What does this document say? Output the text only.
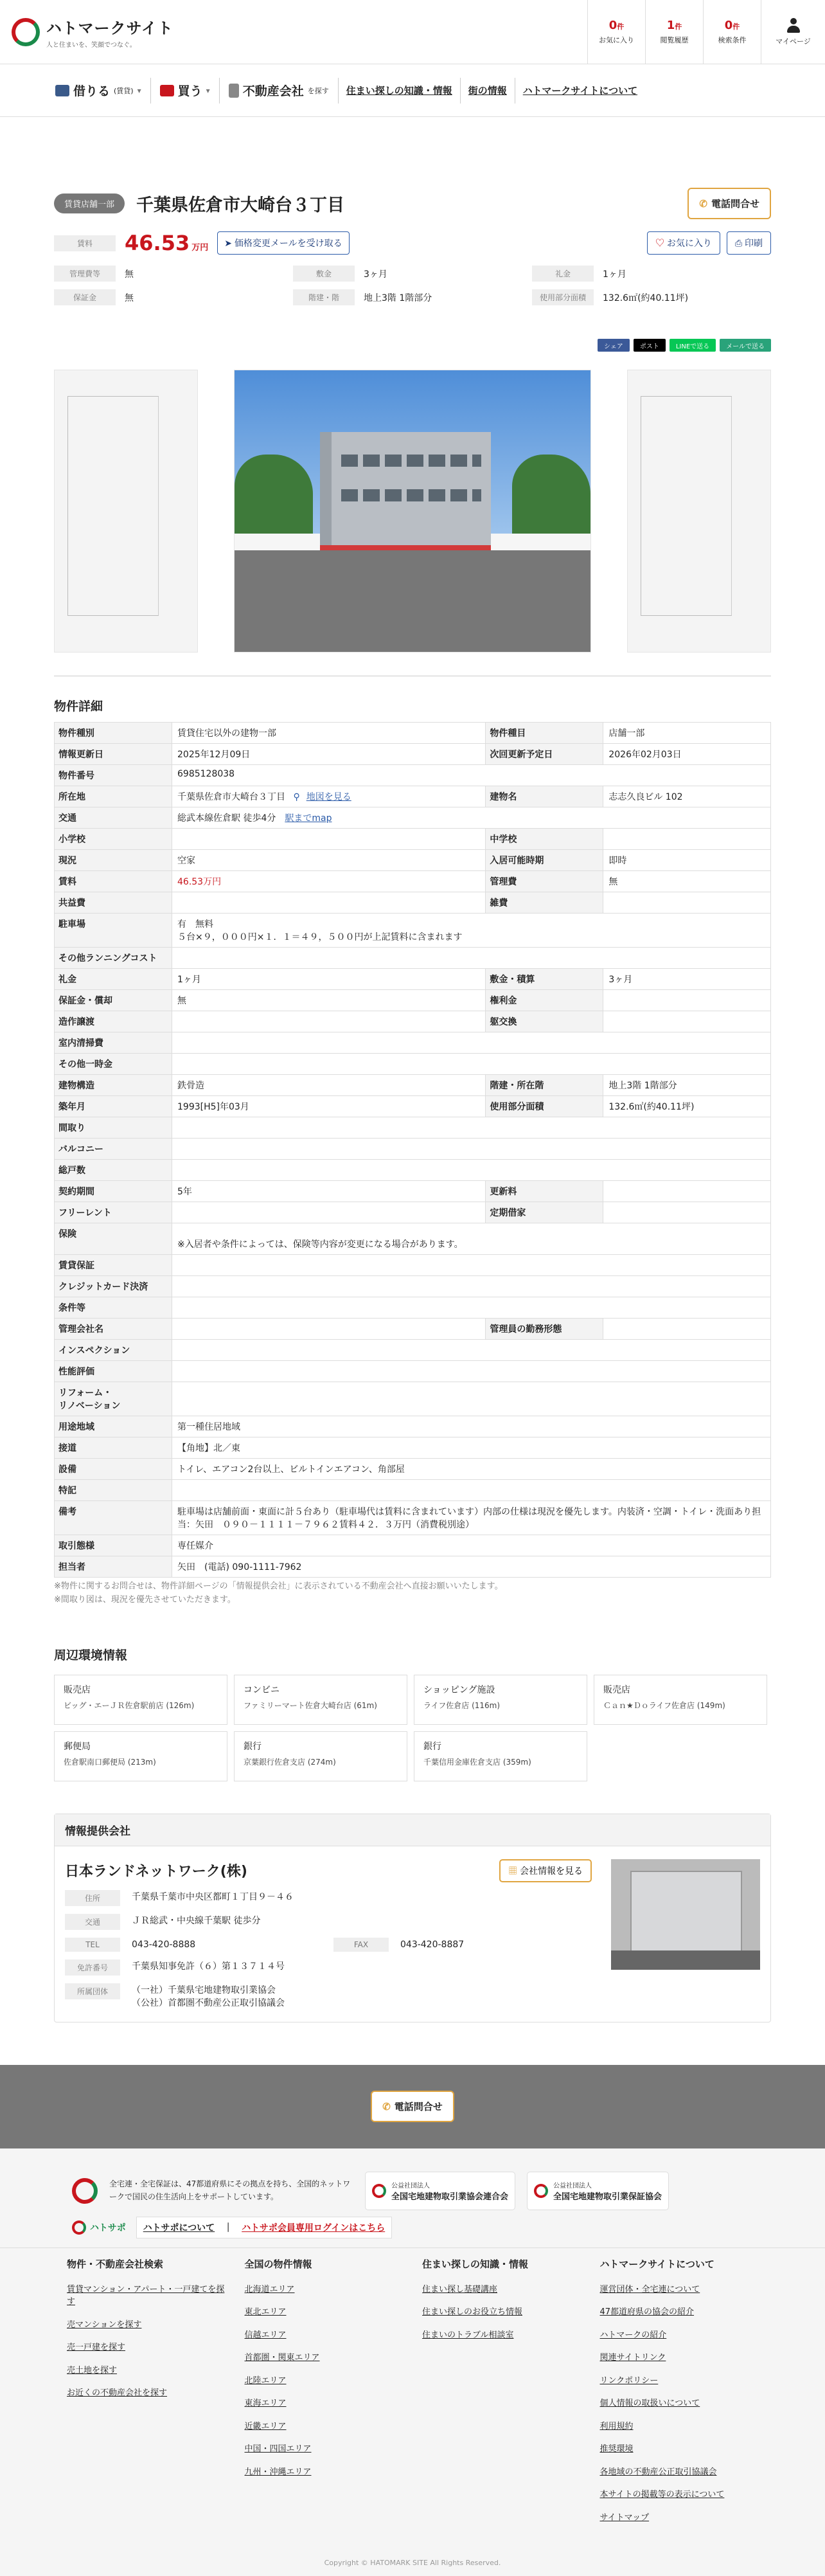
ハトマークサイト
人と住まいを、笑顔でつなぐ。
0件
お気に入り
1件
閲覧履歴
0件
検索条件	マイページ
借りる (賃貸) ▾	買う ▾	不動産会社 を探す	住まい探しの知識・情報	街の情報	ハトマークサイトについて
賃貸店舗一部	千葉県佐倉市大崎台３丁目	✆ 電話問合せ
賃料	46.53 万円	➤ 価格変更メールを受け取る	♡ お気に入り	⎙ 印刷
管理費等	無	敷金	3ヶ月	礼金	1ヶ月
保証金	無	階建・階	地上3階 1階部分	使用部分面積	132.6㎡(約40.11坪)
シェア	ポスト	LINEで送る	メールで送る
物件詳細
物件種別	賃貸住宅以外の建物一部	物件種目	店舗一部
情報更新日	2025年12月09日	次回更新予定日	2026年02月03日
物件番号	6985128038		
所在地	千葉県佐倉市大崎台３丁目 ⚲ 地図を見る	建物名	志志久良ビル 102
交通	総武本線佐倉駅 徒歩4分 駅までmap		
小学校		中学校	
現況	空家	入居可能時期	即時
賃料	46.53万円	管理費	無
共益費		雑費	
駐車場	有　無料
５台×９，０００円×１．１＝４９，５００円が上記賃料に含まれます		
その他ランニングコスト			
礼金	1ヶ月	敷金・積算	3ヶ月
保証金・償却	無	権利金	
造作譲渡		躯交換	
室内清掃費			
その他一時金			
建物構造	鉄骨造	階建・所在階	地上3階 1階部分
築年月	1993[H5]年03月	使用部分面積	132.6㎡(約40.11坪)
間取り			
バルコニー			
総戸数			
契約期間	5年	更新料	
フリーレント		定期借家	
保険	
※入居者や条件によっては、保険等内容が変更になる場合があります。		
賃貸保証			
クレジットカード決済			
条件等			
管理会社名		管理員の勤務形態	
インスペクション			
性能評価			
リフォーム・
リノベーション			
用途地域	第一種住居地域		
接道	【角地】北／東		
設備	トイレ、エアコン2台以上、ビルトインエアコン、角部屋		
特記			
備考	駐車場は店舗前面・東面に計５台あり（駐車場代は賃料に含まれています）内部の仕様は現況を優先します。内装済・空調・トイレ・洗面あり担当：矢田　０９０－１１１１－７９６２賃料４２．３万円（消費税別途）		
取引態様	専任媒介		
担当者	矢田　(電話) 090-1111-7962		

※物件に関するお問合せは、物件詳細ページの「情報提供会社」に表示されている不動産会社へ直接お願いいたします。

※間取り図は、現況を優先させていただきます。

周辺環境情報
販売店
ビッグ・エーＪＲ佐倉駅前店 (126m)
コンビニ
ファミリーマート佐倉大崎台店 (61m)
ショッピング施設
ライフ佐倉店 (116m)
販売店
Ｃａｎ★Ｄｏライフ佐倉店 (149m)
郵便局
佐倉駅南口郵便局 (213m)
銀行
京葉銀行佐倉支店 (274m)
銀行
千葉信用金庫佐倉支店 (359m)
情報提供会社
日本ランドネットワーク(株)	▦ 会社情報を見る
住所	千葉県千葉市中央区都町１丁目９－４６
交通	ＪＲ総武・中央線千葉駅 徒歩分
TEL	043-420-8888	FAX	043-420-8887
免許番号	千葉県知事免許（６）第１３７１４号
所属団体	（一社）千葉県宅地建物取引業協会
（公社）首都圏不動産公正取引協議会
✆ 電話問合せ

全宅連・全宅保証は、47都道府県にその拠点を持ち、全国的ネットワークで国民の住生活向上をサポートしています。

公益社団法人
全国宅地建物取引業協会連合会
公益社団法人
全国宅地建物取引業保証協会
ハトサポ	ハトサポについて　｜　ハトサポ会員専用ログインはこちら
物件・不動産会社検索
賃貸マンション・アパート・一戸建てを探す
売マンションを探す
売一戸建を探す
売土地を探す
お近くの不動産会社を探す
全国の物件情報
北海道エリア
東北エリア
信越エリア
首都圏・関東エリア
北陸エリア
東海エリア
近畿エリア
中国・四国エリア
九州・沖縄エリア
住まい探しの知識・情報
住まい探し基礎講座
住まい探しのお役立ち情報
住まいのトラブル相談室
ハトマークサイトについて
運営団体・全宅連について
47都道府県の協会の紹介
ハトマークの紹介
関連サイトリンク
リンクポリシー
個人情報の取扱いについて
利用規約
推奨環境
各地域の不動産公正取引協議会
本サイトの掲載等の表示について
サイトマップ
Copyright © HATOMARK SITE All Rights Reserved.
